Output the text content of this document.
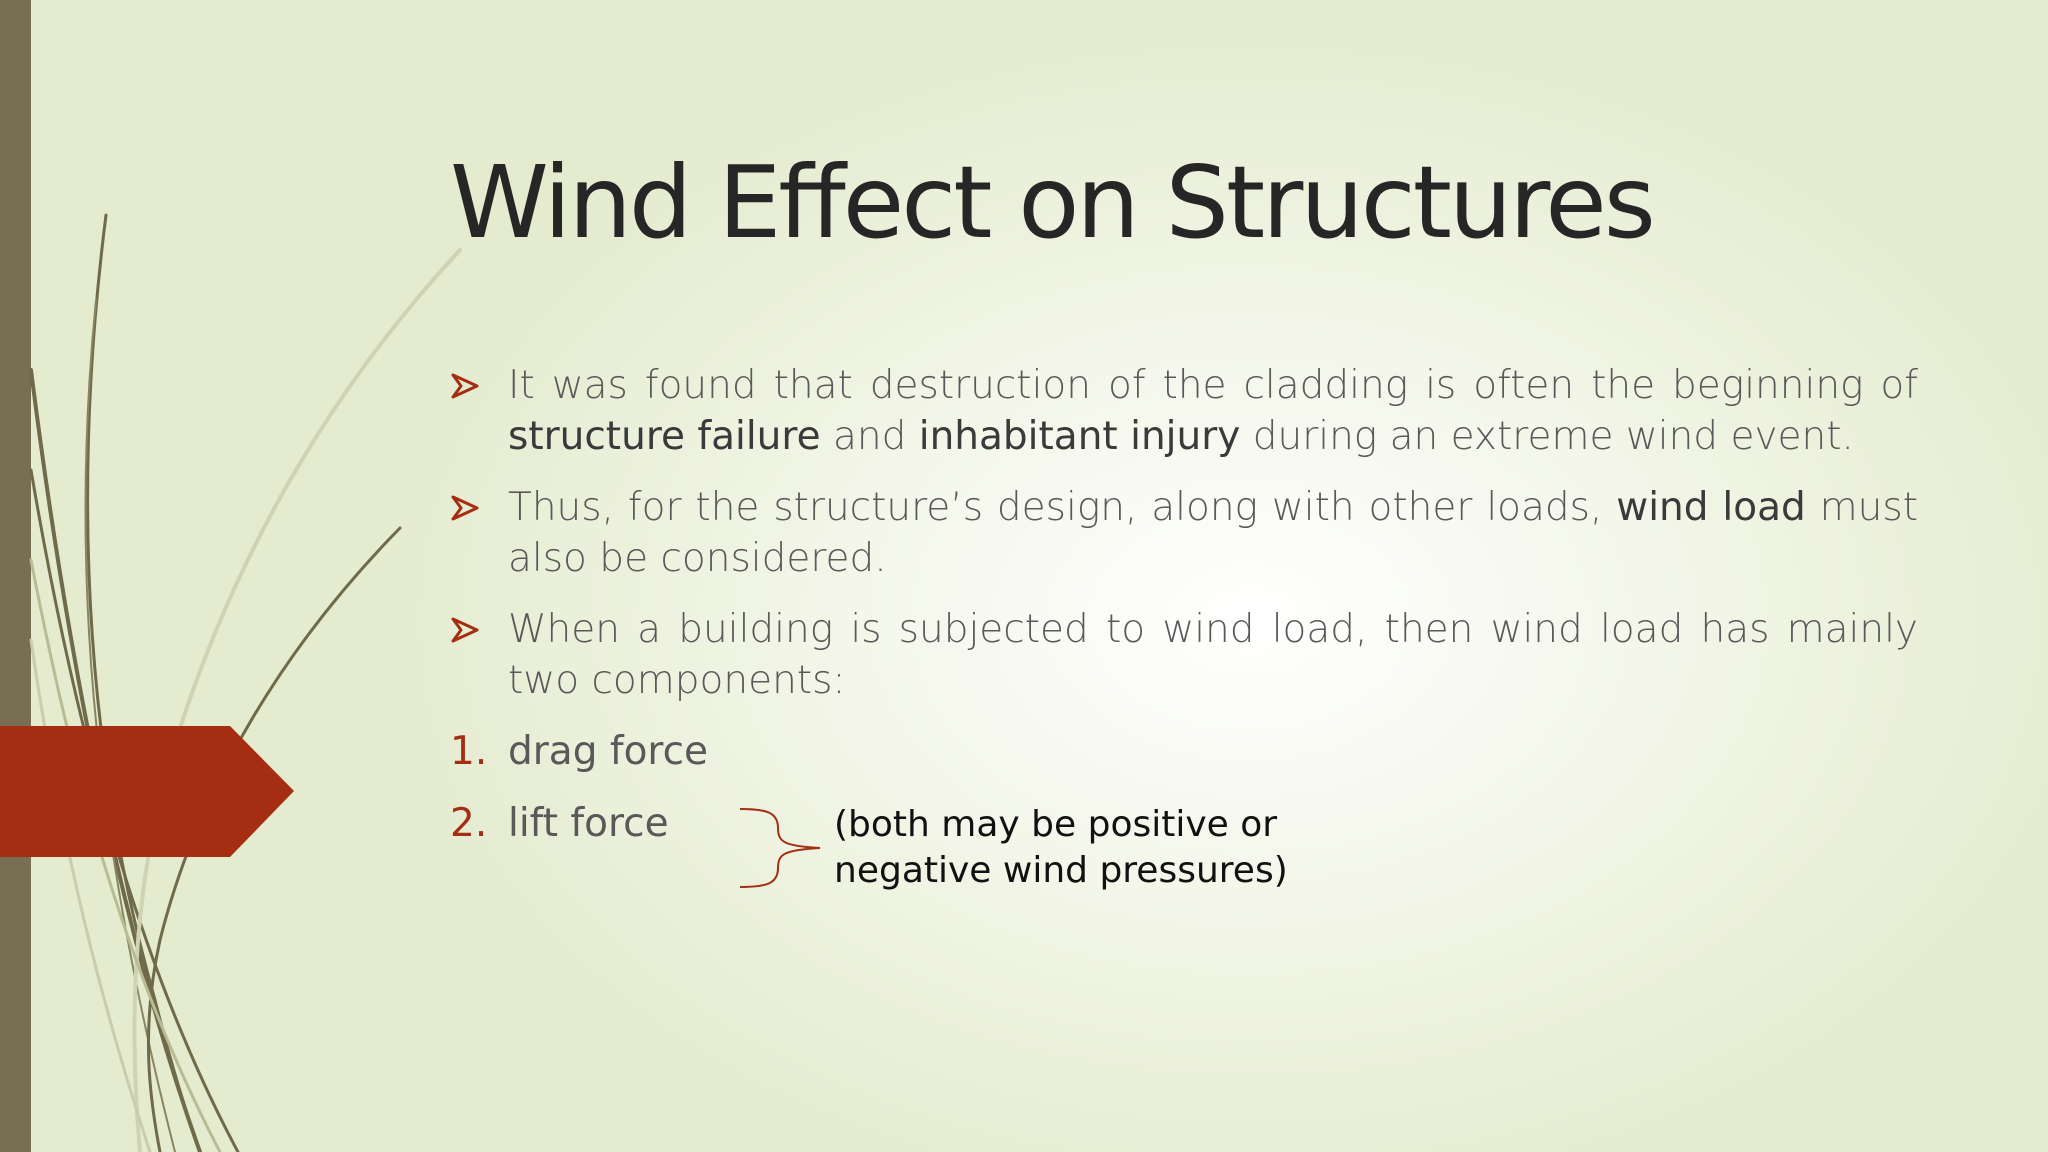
Wind Effect on Structures
It was found that destruction of the cladding is often the beginning of structure failure and inhabitant injury during an extreme wind event.
Thus, for the structure’s design, along with other loads, wind load must also be considered.
When a building is subjected to wind load, then wind load has mainly two components:
1. drag force
2. lift force	(both may be positive or
negative wind pressures)
